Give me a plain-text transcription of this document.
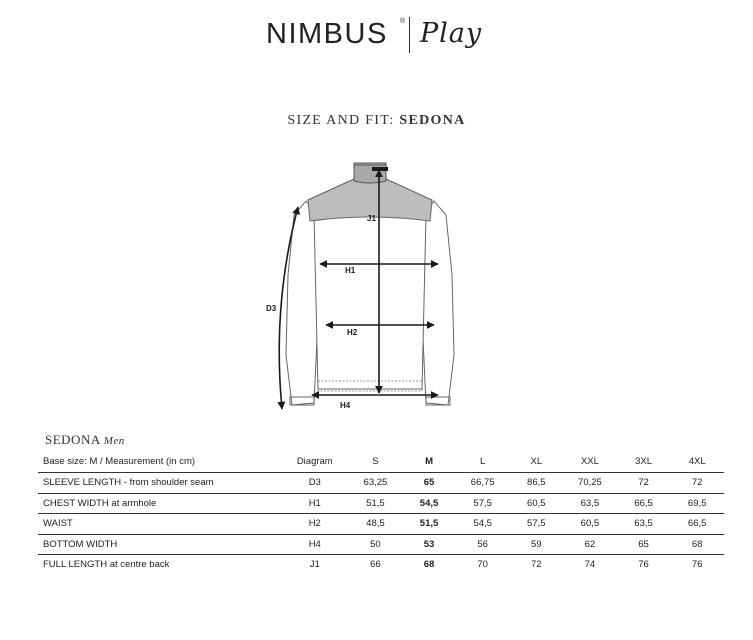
NIMBUS ® Play
SIZE AND FIT: SEDONA
J1
H1
H2
H4
D3
SEDONA Men
Base size: M / Measurement (in cm)	Diagram	S	M	L	XL	XXL	3XL	4XL
SLEEVE LENGTH - from shoulder seam	D3	63,25	65	66,75	86,5	70,25	72	72
CHEST WIDTH at armhole	H1	51,5	54,5	57,5	60,5	63,5	66,5	69,5
WAIST	H2	48,5	51,5	54,5	57,5	60,5	63,5	66,5
BOTTOM WIDTH	H4	50	53	56	59	62	65	68
FULL LENGTH at centre back	J1	66	68	70	72	74	76	76
